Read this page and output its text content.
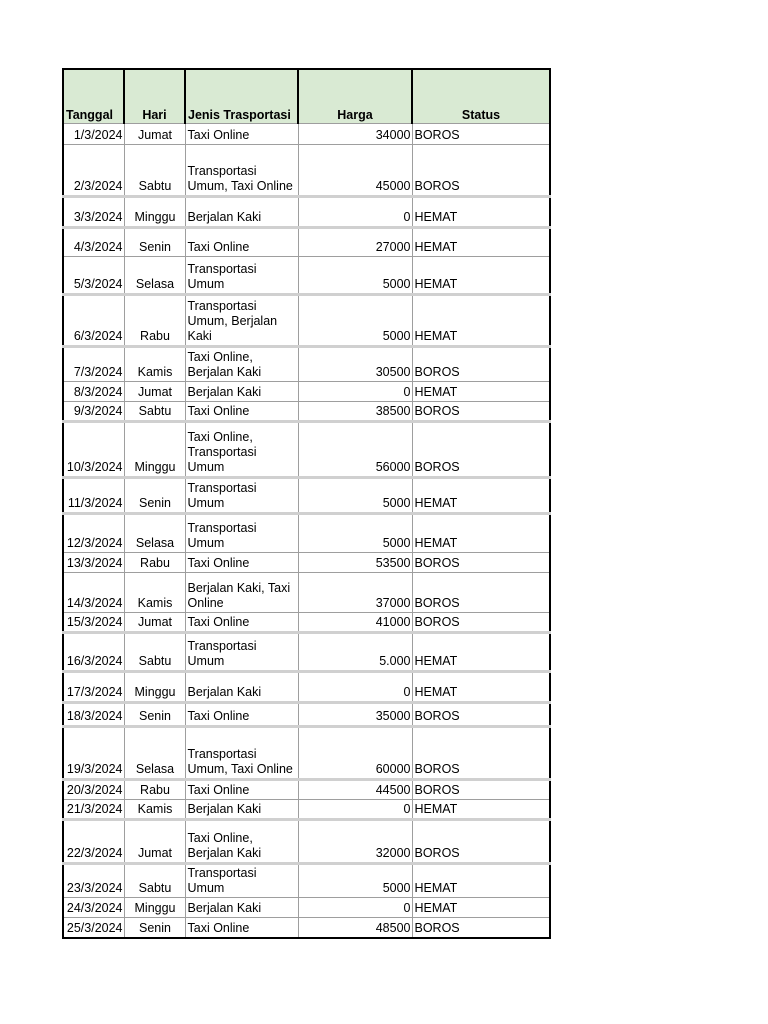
Tanggal	Hari	Jenis Trasportasi	Harga	Status
1/3/2024	Jumat	Taxi Online	34000	BOROS
2/3/2024	Sabtu	Transportasi Umum, Taxi Online	45000	BOROS
3/3/2024	Minggu	Berjalan Kaki	0	HEMAT
4/3/2024	Senin	Taxi Online	27000	HEMAT
5/3/2024	Selasa	Transportasi Umum	5000	HEMAT
6/3/2024	Rabu	Transportasi Umum, Berjalan Kaki	5000	HEMAT
7/3/2024	Kamis	Taxi Online, Berjalan Kaki	30500	BOROS
8/3/2024	Jumat	Berjalan Kaki	0	HEMAT
9/3/2024	Sabtu	Taxi Online	38500	BOROS
10/3/2024	Minggu	Taxi Online, Transportasi Umum	56000	BOROS
11/3/2024	Senin	Transportasi Umum	5000	HEMAT
12/3/2024	Selasa	Transportasi Umum	5000	HEMAT
13/3/2024	Rabu	Taxi Online	53500	BOROS
14/3/2024	Kamis	Berjalan Kaki, Taxi Online	37000	BOROS
15/3/2024	Jumat	Taxi Online	41000	BOROS
16/3/2024	Sabtu	Transportasi Umum	5.000	HEMAT
17/3/2024	Minggu	Berjalan Kaki	0	HEMAT
18/3/2024	Senin	Taxi Online	35000	BOROS
19/3/2024	Selasa	Transportasi Umum, Taxi Online	60000	BOROS
20/3/2024	Rabu	Taxi Online	44500	BOROS
21/3/2024	Kamis	Berjalan Kaki	0	HEMAT
22/3/2024	Jumat	Taxi Online, Berjalan Kaki	32000	BOROS
23/3/2024	Sabtu	Transportasi Umum	5000	HEMAT
24/3/2024	Minggu	Berjalan Kaki	0	HEMAT
25/3/2024	Senin	Taxi Online	48500	BOROS
